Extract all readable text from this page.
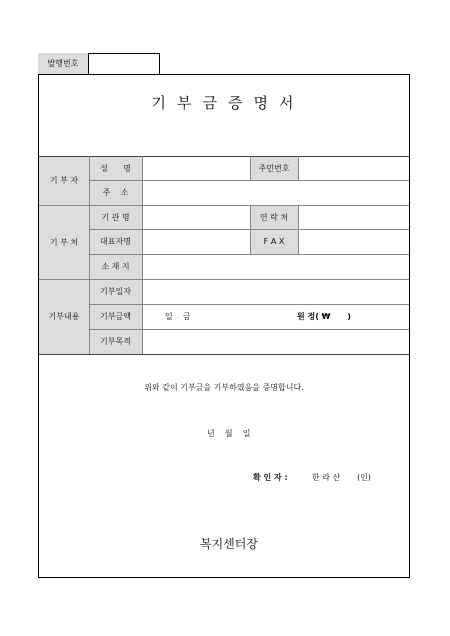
발행번호
기부금증명서
기 부 자
기 부 처
기부내용
성      명
주    소
기 관 명
대표자명
소 재 지
기부일자
기부금액
기부목적
주민번호
연 락 처
F A X
일    금	원 정( ₩      )
위와 같이 기부금을 기부하였음을 증명합니다.
년    월    일
확 인 자 :	한 라 산 (인)
복지센터장
